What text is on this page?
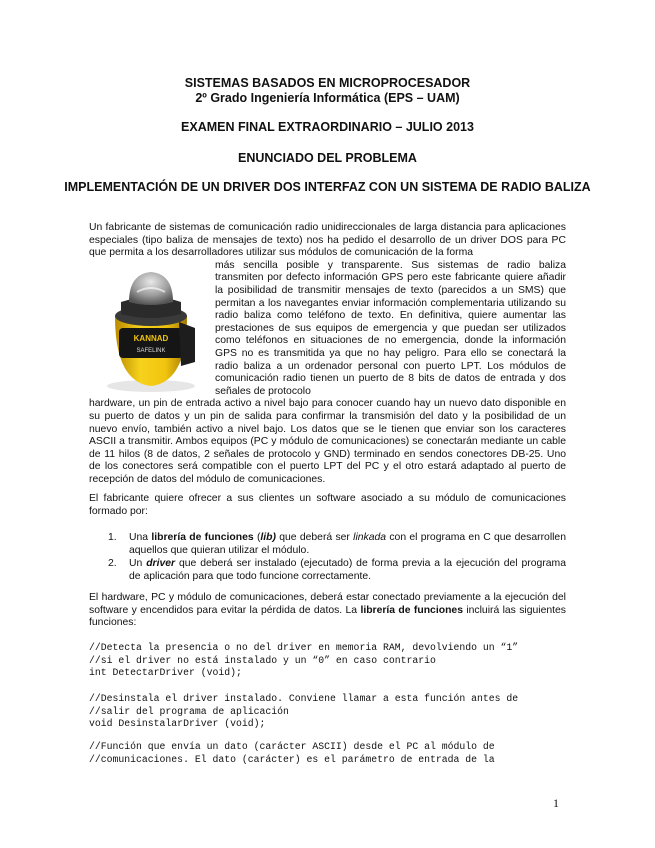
SISTEMAS BASADOS EN MICROPROCESADOR
2º Grado Ingeniería Informática (EPS – UAM)
EXAMEN FINAL EXTRAORDINARIO – JULIO 2013
ENUNCIADO DEL PROBLEMA
IMPLEMENTACIÓN DE UN DRIVER DOS INTERFAZ CON UN SISTEMA DE RADIO BALIZA
Un fabricante de sistemas de comunicación radio unidireccionales de larga distancia para aplicaciones especiales (tipo baliza de mensajes de texto) nos ha pedido el desarrollo de un driver DOS para PC que permita a los desarrolladores utilizar sus módulos de comunicación de la forma
más sencilla posible y transparente. Sus sistemas de radio baliza transmiten por defecto información GPS pero este fabricante quiere añadir la posibilidad de transmitir mensajes de texto (parecidos a un SMS) que permitan a los navegantes enviar información complementaria utilizando su radio baliza como teléfono de texto. En definitiva, quiere aumentar las prestaciones de sus equipos de emergencia y que puedan ser utilizados como teléfonos en situaciones de no emergencia, donde la información GPS no es transmitida ya que no hay peligro. Para ello se conectará la radio baliza a un ordenador personal con puerto LPT. Los módulos de comunicación radio tienen un puerto de 8 bits de datos de entrada y dos señales de protocolo
hardware, un pin de entrada activo a nivel bajo para conocer cuando hay un nuevo dato disponible en su puerto de datos y un pin de salida para confirmar la transmisión del dato y la posibilidad de un nuevo envío, también activo a nivel bajo. Los datos que se le tienen que enviar son los caracteres ASCII a transmitir. Ambos equipos (PC y módulo de comunicaciones) se conectarán mediante un cable de 11 hilos (8 de datos, 2 señales de protocolo y GND) terminado en sendos conectores DB-25. Uno de los conectores será compatible con el puerto LPT del PC y el otro estará adaptado al puerto de recepción de datos del módulo de comunicaciones.
KANNAD
SAFELINK
El fabricante quiere ofrecer a sus clientes un software asociado a su módulo de comunicaciones formado por:
1. Una librería de funciones (lib) que deberá ser linkada con el programa en C que desarrollen aquellos que quieran utilizar el módulo.
2. Un driver que deberá ser instalado (ejecutado) de forma previa a la ejecución del programa de aplicación para que todo funcione correctamente.
El hardware, PC y módulo de comunicaciones, deberá estar conectado previamente a la ejecución del software y encendidos para evitar la pérdida de datos. La librería de funciones incluirá las siguientes funciones:
//Detecta la presencia o no del driver en memoria RAM, devolviendo un “1”
//si el driver no está instalado y un “0” en caso contrario
int DetectarDriver (void);
//Desinstala el driver instalado. Conviene llamar a esta función antes de
//salir del programa de aplicación
void DesinstalarDriver (void);
//Función que envía un dato (carácter ASCII) desde el PC al módulo de
//comunicaciones. El dato (carácter) es el parámetro de entrada de la
1
